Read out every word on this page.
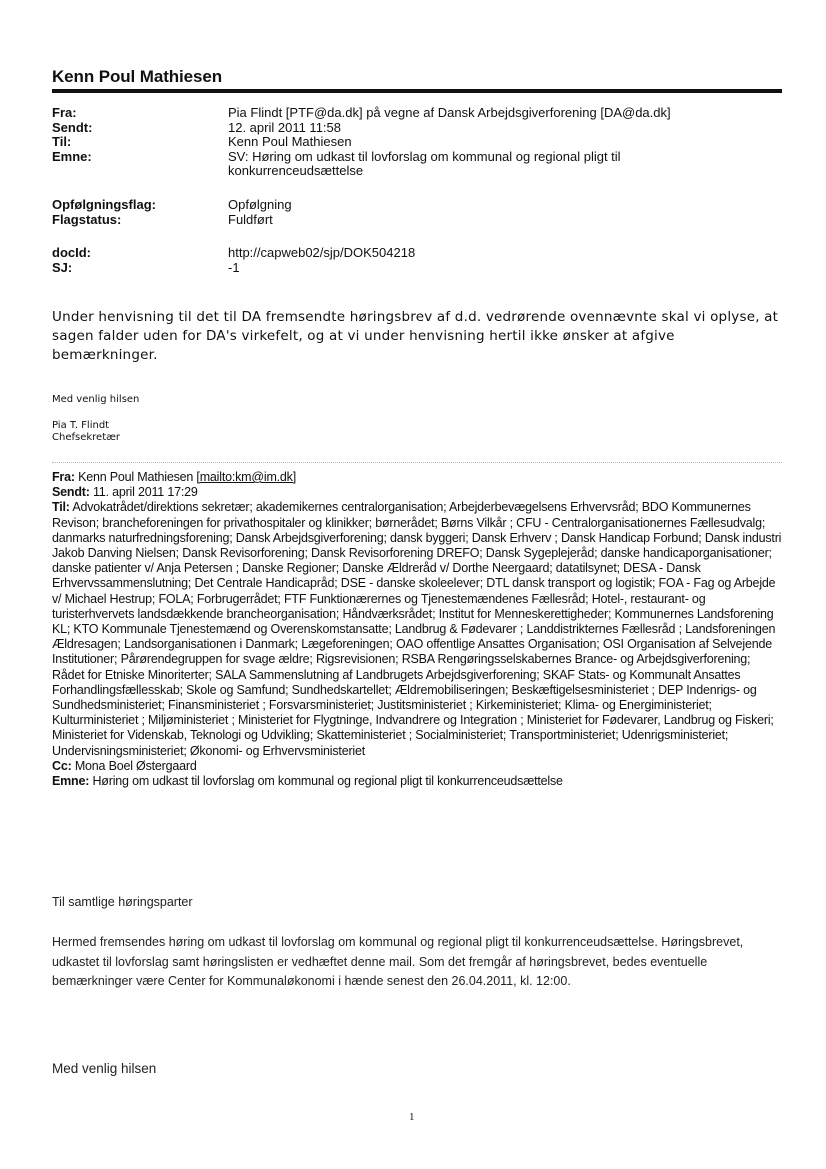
Kenn Poul Mathiesen
Fra:	Pia Flindt [PTF@da.dk] på vegne af Dansk Arbejdsgiverforening [DA@da.dk]
Sendt:	12. april 2011 11:58
Til:	Kenn Poul Mathiesen
Emne:	SV: Høring om udkast til lovforslag om kommunal og regional pligt til konkurrenceudsættelse
Opfølgningsflag:	Opfølgning
Flagstatus:	Fuldført
docId:	http://capweb02/sjp/DOK504218
SJ:	-1
Under henvisning til det til DA fremsendte høringsbrev af d.d. vedrørende ovennævnte skal vi oplyse, at sagen falder uden for DA's virkefelt, og at vi under henvisning hertil ikke ønsker at afgive bemærkninger.
Med venlig hilsen
Pia T. Flindt
Chefsekretær

Fra: Kenn Poul Mathiesen [mailto:km@im.dk]

Sendt: 11. april 2011 17:29

Til: Advokatrådet/direktions sekretær; akademikernes centralorganisation; Arbejderbevægelsens Erhvervsråd; BDO Kommunernes Revison; brancheforeningen for privathospitaler og klinikker; børnerådet; Børns Vilkår ; CFU - Centralorganisationernes Fællesudvalg; danmarks naturfredningsforening; Dansk Arbejdsgiverforening; dansk byggeri; Dansk Erhverv ; Dansk Handicap Forbund; Dansk industri Jakob Danving Nielsen; Dansk Revisorforening; Dansk Revisorforening DREFO; Dansk Sygeplejeråd; danske handicaporganisationer; danske patienter v/ Anja Petersen ; Danske Regioner; Danske Ældreråd v/ Dorthe Neergaard; datatilsynet; DESA - Dansk Erhvervssammenslutning; Det Centrale Handicapråd; DSE - danske skoleelever; DTL dansk transport og logistik; FOA - Fag og Arbejde v/ Michael Hestrup; FOLA; Forbrugerrådet; FTF Funktionærernes og Tjenestemændenes Fællesråd; Hotel-, restaurant- og turisterhvervets landsdækkende brancheorganisation; Håndværksrådet; Institut for Menneskerettigheder; Kommunernes Landsforening KL; KTO Kommunale Tjenestemænd og Overenskomstansatte; Landbrug & Fødevarer ; Landdistrikternes Fællesråd ; Landsforeningen Ældresagen; Landsorganisationen i Danmark; Lægeforeningen; OAO offentlige Ansattes Organisation; OSI Organisation af Selvejende Institutioner; Pårørendegruppen for svage ældre; Rigsrevisionen; RSBA Rengøringsselskabernes Brance- og Arbejdsgiverforening; Rådet for Etniske Minoriterter; SALA Sammenslutning af Landbrugets Arbejdsgiverforening; SKAF Stats- og Kommunalt Ansattes Forhandlingsfællesskab; Skole og Samfund; Sundhedskartellet; Ældremobiliseringen; Beskæftigelsesministeriet ; DEP Indenrigs- og Sundhedsministeriet; Finansministeriet ; Forsvarsministeriet; Justitsministeriet ; Kirkeministeriet; Klima- og Energiministeriet; Kulturministeriet ; Miljøministeriet ; Ministeriet for Flygtninge, Indvandrere og Integration ; Ministeriet for Fødevarer, Landbrug og Fiskeri; Ministeriet for Videnskab, Teknologi og Udvikling; Skatteministeriet ; Socialministeriet; Transportministeriet; Udenrigsministeriet; Undervisningsministeriet; Økonomi- og Erhvervsministeriet

Cc: Mona Boel Østergaard

Emne: Høring om udkast til lovforslag om kommunal og regional pligt til konkurrenceudsættelse

Til samtlige høringsparter
Hermed fremsendes høring om udkast til lovforslag om kommunal og regional pligt til konkurrenceudsættelse. Høringsbrevet, udkastet til lovforslag samt høringslisten er vedhæftet denne mail. Som det fremgår af høringsbrevet, bedes eventuelle bemærkninger være Center for Kommunaløkonomi i hænde senest den 26.04.2011, kl. 12:00.
Med venlig hilsen
1
